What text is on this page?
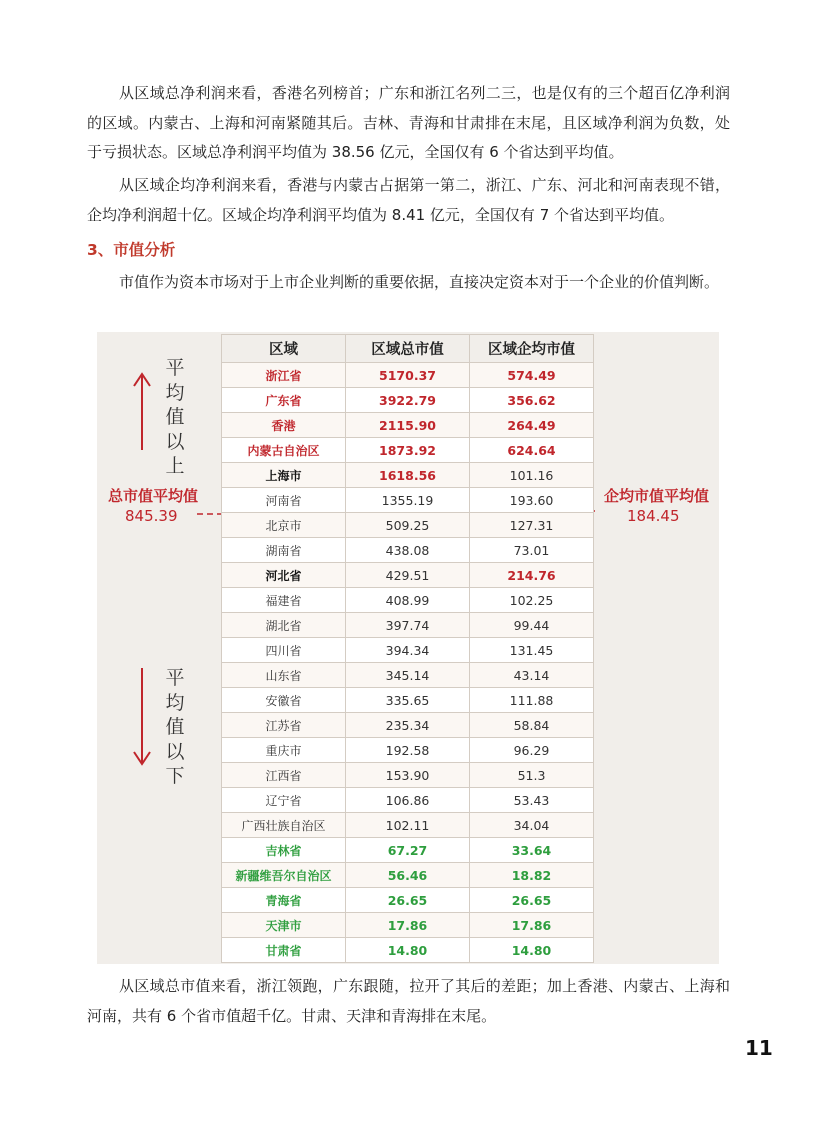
从区域总净利润来看，香港名列榜首；广东和浙江名列二三，也是仅有的三个超百亿净利润的区域。内蒙古、上海和河南紧随其后。吉林、青海和甘肃排在末尾，且区域净利润为负数，处于亏损状态。区域总净利润平均值为 38.56 亿元，全国仅有 6 个省达到平均值。

从区域企均净利润来看，香港与内蒙古占据第一第二，浙江、广东、河北和河南表现不错，企均净利润超十亿。区域企均净利润平均值为 8.41 亿元，全国仅有 7 个省达到平均值。

3、市值分析

市值作为资本市场对于上市企业判断的重要依据，直接决定资本对于一个企业的价值判断。

平均值以上
平均值以下
总市值平均值
845.39
企均市值平均值
184.45
区域	区域总市值	区域企均市值
浙江省	5170.37	574.49
广东省	3922.79	356.62
香港	2115.90	264.49
内蒙古自治区	1873.92	624.64
上海市	1618.56	101.16
河南省	1355.19	193.60
北京市	509.25	127.31
湖南省	438.08	73.01
河北省	429.51	214.76
福建省	408.99	102.25
湖北省	397.74	99.44
四川省	394.34	131.45
山东省	345.14	43.14
安徽省	335.65	111.88
江苏省	235.34	58.84
重庆市	192.58	96.29
江西省	153.90	51.3
辽宁省	106.86	53.43
广西壮族自治区	102.11	34.04
吉林省	67.27	33.64
新疆维吾尔自治区	56.46	18.82
青海省	26.65	26.65
天津市	17.86	17.86
甘肃省	14.80	14.80

从区域总市值来看，浙江领跑，广东跟随，拉开了其后的差距；加上香港、内蒙古、上海和河南，共有 6 个省市值超千亿。甘肃、天津和青海排在末尾。

11
